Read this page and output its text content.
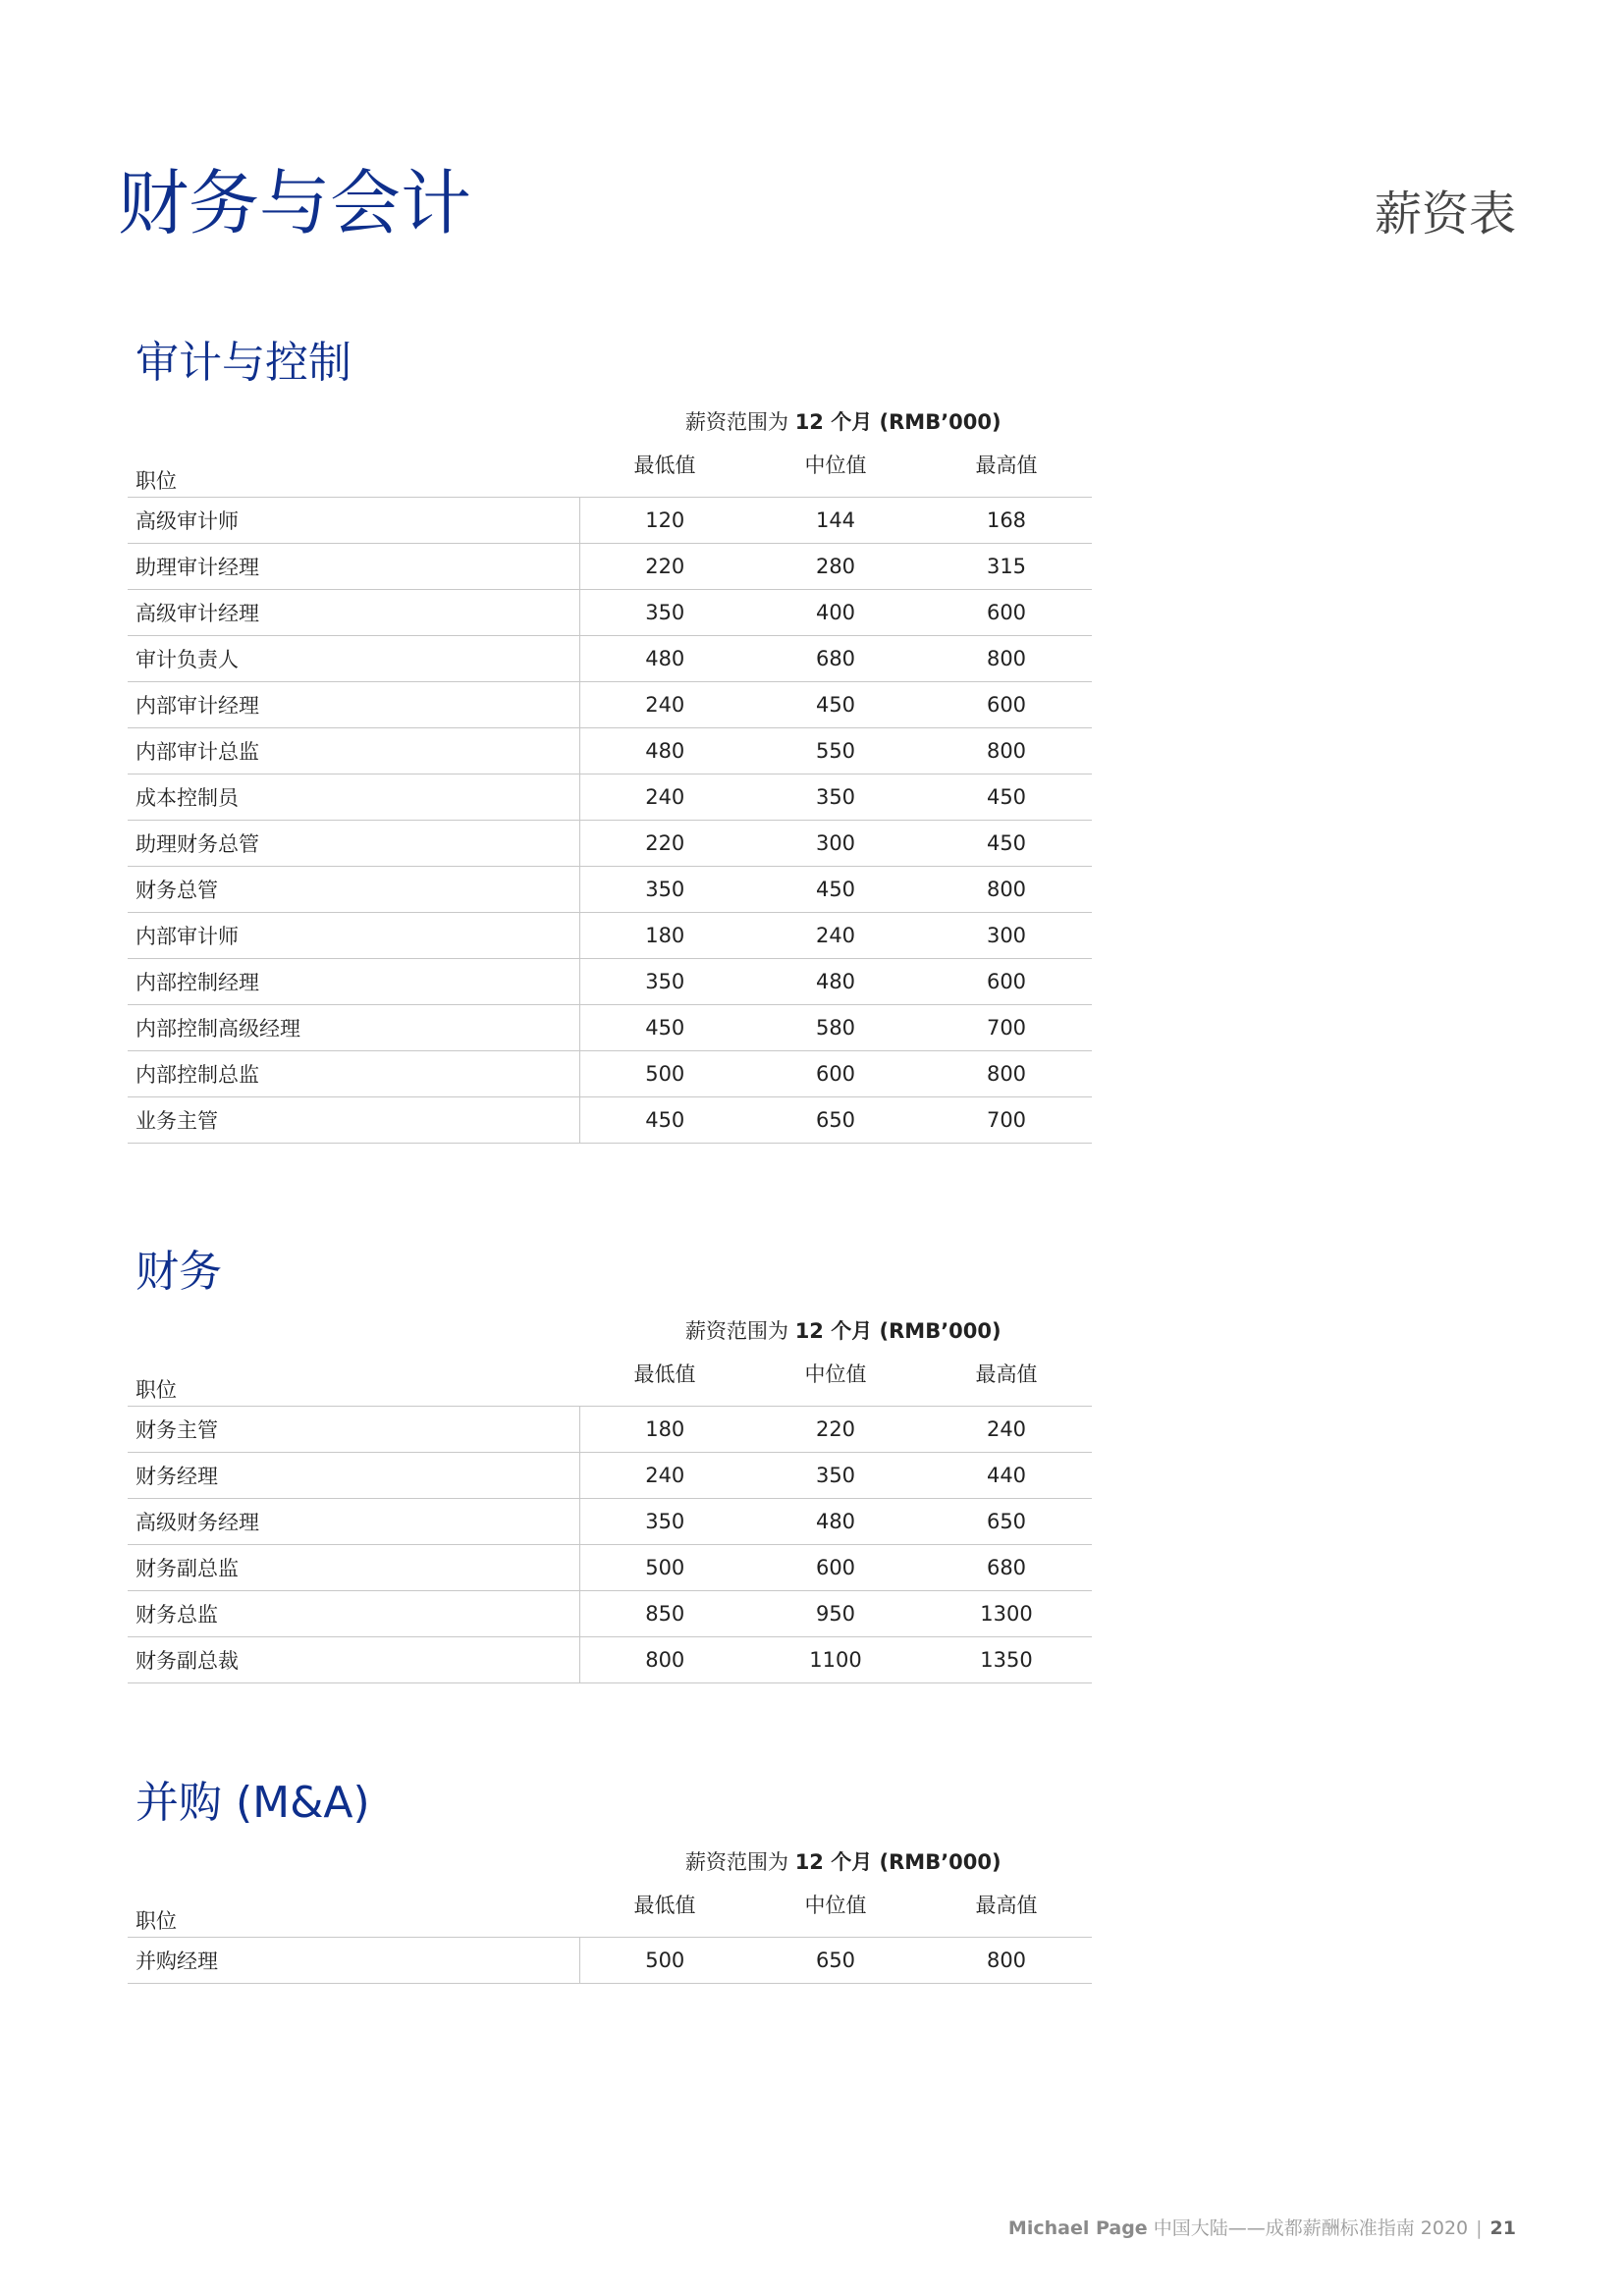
财务与会计	薪资表
审计与控制
薪资范围为 12 个月 (RMB’000)
职位	最低值	中位值	最高值
高级审计师	120	144	168
助理审计经理	220	280	315
高级审计经理	350	400	600
审计负责人	480	680	800
内部审计经理	240	450	600
内部审计总监	480	550	800
成本控制员	240	350	450
助理财务总管	220	300	450
财务总管	350	450	800
内部审计师	180	240	300
内部控制经理	350	480	600
内部控制高级经理	450	580	700
内部控制总监	500	600	800
业务主管	450	650	700
财务
薪资范围为 12 个月 (RMB’000)
职位	最低值	中位值	最高值
财务主管	180	220	240
财务经理	240	350	440
高级财务经理	350	480	650
财务副总监	500	600	680
财务总监	850	950	1300
财务副总裁	800	1100	1350
并购 (M&A)
薪资范围为 12 个月 (RMB’000)
职位	最低值	中位值	最高值
并购经理	500	650	800
Michael Page 中国大陆——成都薪酬标准指南 2020 | 21
